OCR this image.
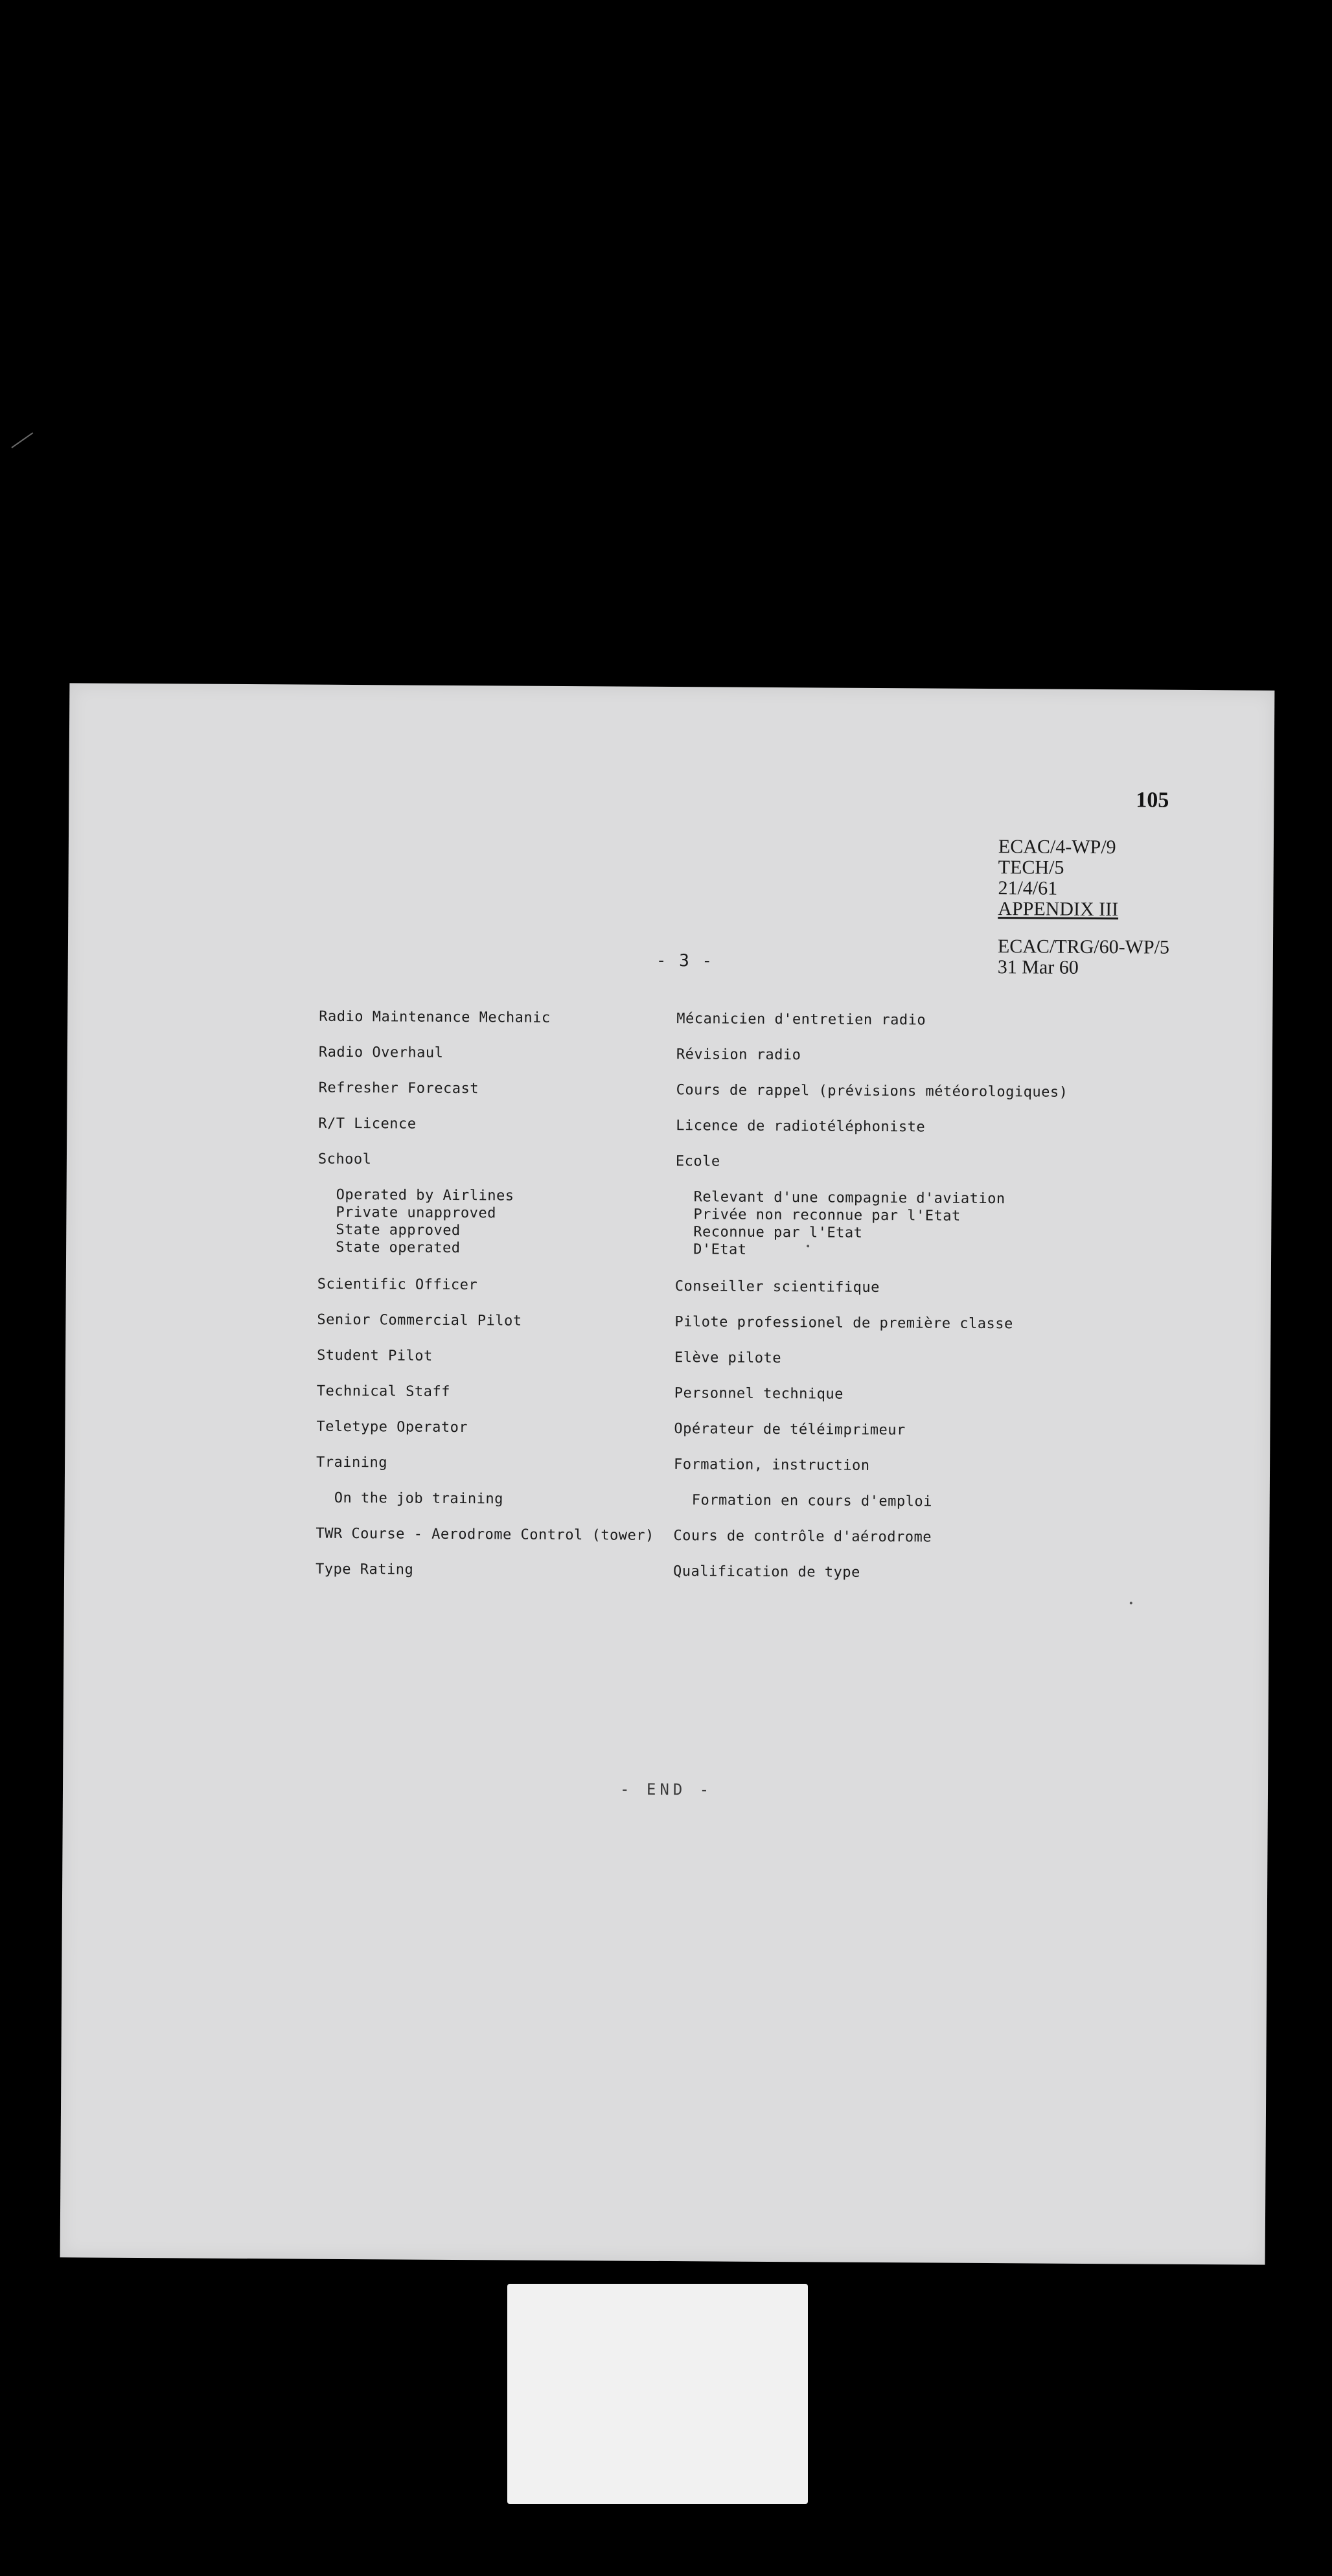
105
ECAC/4-WP/9
TECH/5
21/4/61
APPENDIX III
ECAC/TRG/60-WP/5
31 Mar 60
- 3 -
Radio Maintenance Mechanic	Mécanicien d'entretien radio
Radio Overhaul	Révision radio
Refresher Forecast	Cours de rappel (prévisions météorologiques)
R/T Licence	Licence de radiotéléphoniste
School	Ecole
Operated by Airlines	Relevant d'une compagnie d'aviation
Private unapproved	Privée non reconnue par l'Etat
State approved	Reconnue par l'Etat
State operated	D'Etat
Scientific Officer	Conseiller scientifique
Senior Commercial Pilot	Pilote professionel de première classe
Student Pilot	Elève pilote
Technical Staff	Personnel technique
Teletype Operator	Opérateur de téléimprimeur
Training	Formation, instruction
On the job training	Formation en cours d'emploi
TWR Course - Aerodrome Control (tower) Cours de contrôle d'aérodrome
Type Rating	Qualification de type
- END -
